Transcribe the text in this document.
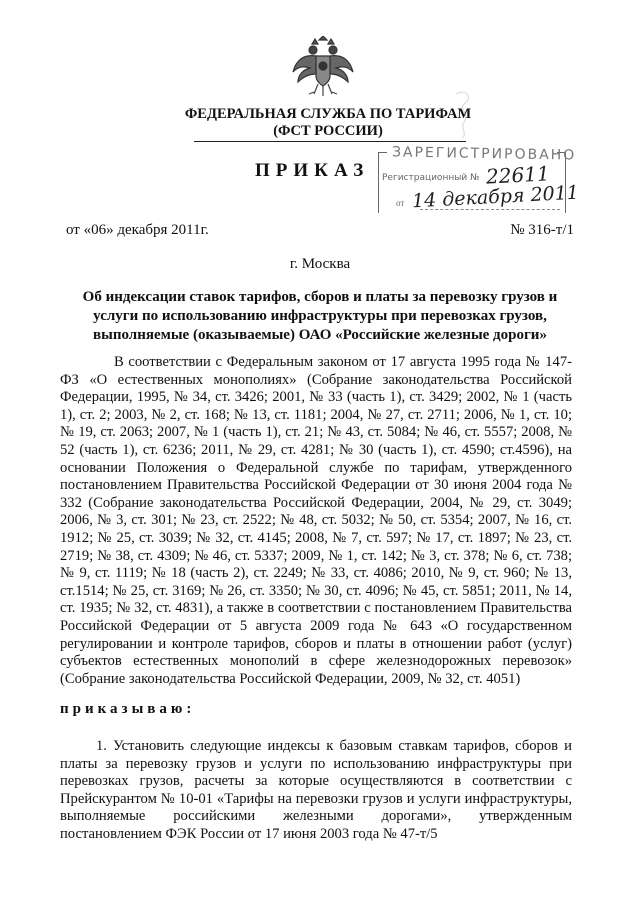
ФЕДЕРАЛЬНАЯ СЛУЖБА ПО ТАРИФАМ
(ФСТ РОССИИ)
ПРИКАЗ
ЗАРЕГИСТРИРОВАНО
Регистрационный № 22611
от 14 декабря 2011
от «06» декабря 2011г.	№ 316-т/1
г. Москва
Об индексации ставок тарифов, сборов и платы за перевозку грузов и услуги по использованию инфраструктуры при перевозках грузов, выполняемые (оказываемые) ОАО «Российские железные дороги»
В соответствии с Федеральным законом от 17 августа 1995 года № 147-ФЗ «О естественных монополиях» (Собрание законодательства Российской Федерации, 1995, № 34, ст. 3426; 2001, № 33 (часть 1), ст. 3429; 2002, № 1 (часть 1), ст. 2; 2003, № 2, ст. 168; № 13, ст. 1181; 2004, № 27, ст. 2711; 2006, № 1, ст. 10; № 19, ст. 2063; 2007, № 1 (часть 1), ст. 21; № 43, ст. 5084; № 46, ст. 5557; 2008, № 52 (часть 1), ст. 6236; 2011, № 29, ст. 4281; № 30 (часть 1), ст. 4590; ст.4596), на основании Положения о Федеральной службе по тарифам, утвержденного постановлением Правительства Российской Федерации от 30 июня 2004 года № 332 (Собрание законодательства Российской Федерации, 2004, № 29, ст. 3049; 2006, № 3, ст. 301; № 23, ст. 2522; № 48, ст. 5032; № 50, ст. 5354; 2007, № 16, ст. 1912; № 25, ст. 3039; № 32, ст. 4145; 2008, № 7, ст. 597; № 17, ст. 1897; № 23, ст. 2719; № 38, ст. 4309; № 46, ст. 5337; 2009, № 1, ст. 142; № 3, ст. 378; № 6, ст. 738; № 9, ст. 1119; № 18 (часть 2), ст. 2249; № 33, ст. 4086; 2010, № 9, ст. 960; № 13, ст.1514; № 25, ст. 3169; № 26, ст. 3350; № 30, ст. 4096; № 45, ст. 5851; 2011, № 14, ст. 1935; № 32, ст. 4831), а также в соответствии с постановлением Правительства Российской Федерации от 5 августа 2009 года № 643 «О государственном регулировании и контроле тарифов, сборов и платы в отношении работ (услуг) субъектов естественных монополий в сфере железнодорожных перевозок» (Собрание законодательства Российской Федерации, 2009, № 32, ст. 4051)
приказываю:
1. Установить следующие индексы к базовым ставкам тарифов, сборов и платы за перевозку грузов и услуги по использованию инфраструктуры при перевозках грузов, расчеты за которые осуществляются в соответствии с Прейскурантом № 10-01 «Тарифы на перевозки грузов и услуги инфраструктуры, выполняемые российскими железными дорогами», утвержденным постановлением ФЭК России от 17 июня 2003 года № 47-т/5
